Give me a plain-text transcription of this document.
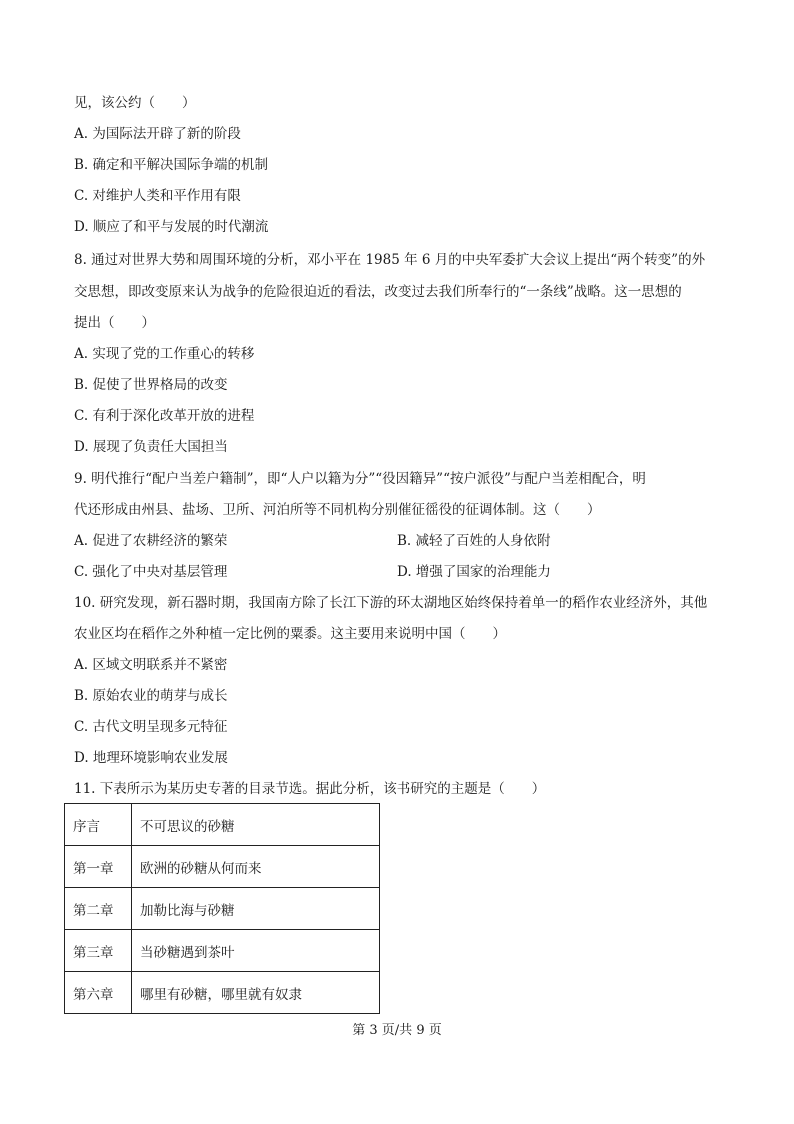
见，该公约（　　）
A. 为国际法开辟了新的阶段
B. 确定和平解决国际争端的机制
C. 对维护人类和平作用有限
D. 顺应了和平与发展的时代潮流
8. 通过对世界大势和周围环境的分析，邓小平在 1985 年 6 月的中央军委扩大会议上提出“两个转变”的外
交思想，即改变原来认为战争的危险很迫近的看法，改变过去我们所奉行的“一条线”战略。这一思想的
提出（　　）
A. 实现了党的工作重心的转移
B. 促使了世界格局的改变
C. 有利于深化改革开放的进程
D. 展现了负责任大国担当
9. 明代推行“配户当差户籍制”，即“人户以籍为分”“役因籍异”“按户派役”与配户当差相配合，明
代还形成由州县、盐场、卫所、河泊所等不同机构分别催征徭役的征调体制。这（　　）
A. 促进了农耕经济的繁荣	B. 减轻了百姓的人身依附
C. 强化了中央对基层管理	D. 增强了国家的治理能力
10. 研究发现，新石器时期，我国南方除了长江下游的环太湖地区始终保持着单一的稻作农业经济外，其他
农业区均在稻作之外种植一定比例的粟黍。这主要用来说明中国（　　）
A. 区域文明联系并不紧密
B. 原始农业的萌芽与成长
C. 古代文明呈现多元特征
D. 地理环境影响农业发展
11. 下表所示为某历史专著的目录节选。据此分析，该书研究的主题是（　　）
序言	不可思议的砂糖
第一章	欧洲的砂糖从何而来
第二章	加勒比海与砂糖
第三章	当砂糖遇到茶叶
第六章	哪里有砂糖，哪里就有奴隶
第 3 页/共 9 页
